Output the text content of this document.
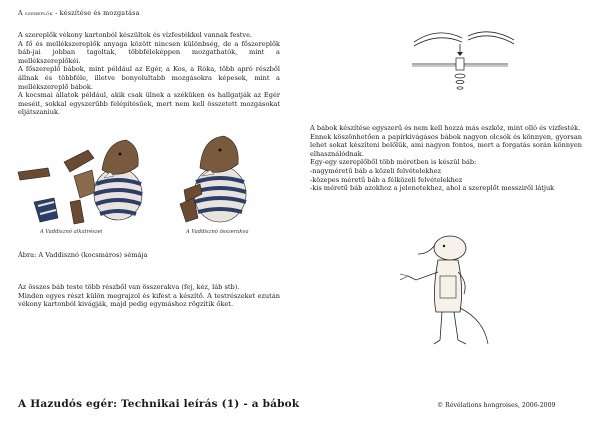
A szereplők - készítése és mozgatása

A szereplők vékony kartonból készültek és vízfestékkel vannak festve.

A fő és mellékszereplők anyaga között nincsen különbség, de a főszereplők báb-jai jobban tagoltak, többféleképpen mozgathatók, mint a mellékszereplőkéi.

A főszereplő bábok, mint például az Egér, a Kos, a Róka, több apró részből állnak és többféle, illetve bonyolultabb mozgásokra képesek, mint a mellékszereplő bábok.

A kocsmai állatok például, akik csak ülnek a széküken és hallgatják az Egér meséit, sokkal egyszerűbb felépítésűek, mert nem kell összetett mozgásokat eljátszaniuk.

A Vaddisznó alkatrészei	A Vaddisznó összerakva
Ábra: A Vaddisznó (kocsmáros) sémája

Az összes báb teste több részből van összerakva (fej, kéz, láb stb).

Minden egyes részt külön megrajzol és kifest a készítő. A testrészeket ezután vékony kartonból kivágják, majd pedig egymáshoz rögzítik őket.

A bábok készítése egyszerű és nem kell hozzá más eszköz, mint olló és vízfesték.

Ennek köszönhetően a papírkivágásos bábok nagyon olcsók és könnyen, gyorsan lehet sokat készíteni belőlük, ami nagyon fontos, mert a forgatás során könnyen elhasználódnak.

Egy-egy szereplőből több méretben is készül báb:

-nagyméretű báb a közeli felvételekhez

-közepes méretű báb a félközeli felvételekhez

-kis méretű báb azokhoz a jelenetekhez, ahol a szereplőt messziről látjuk

A Hazudós egér: Technikai leírás (1) - a bábok	© Révélations hongroises, 2006-2009
